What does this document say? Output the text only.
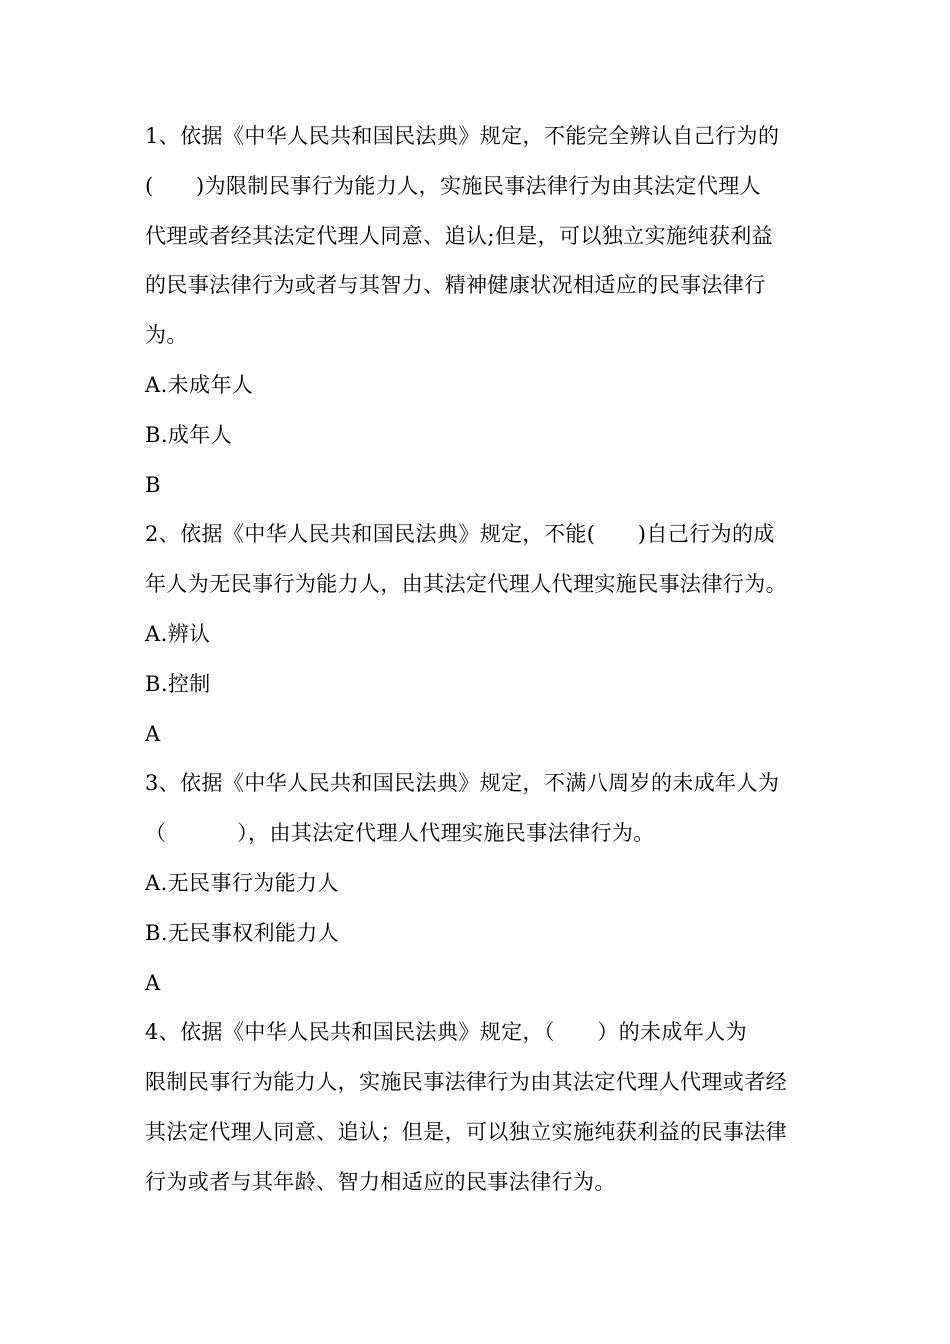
1、依据《中华人民共和国民法典》规定，不能完全辨认自己行为的
(      )为限制民事行为能力人，实施民事法律行为由其法定代理人
代理或者经其法定代理人同意、追认;但是，可以独立实施纯获利益
的民事法律行为或者与其智力、精神健康状况相适应的民事法律行
为。
A.未成年人
B.成年人
B
2、依据《中华人民共和国民法典》规定，不能(      )自己行为的成
年人为无民事行为能力人，由其法定代理人代理实施民事法律行为。
A.辨认
B.控制
A
3、依据《中华人民共和国民法典》规定，不满八周岁的未成年人为
（          ），由其法定代理人代理实施民事法律行为。
A.无民事行为能力人
B.无民事权利能力人
A
4、依据《中华人民共和国民法典》规定，（      ）的未成年人为
限制民事行为能力人，实施民事法律行为由其法定代理人代理或者经
其法定代理人同意、追认；但是，可以独立实施纯获利益的民事法律
行为或者与其年龄、智力相适应的民事法律行为。
